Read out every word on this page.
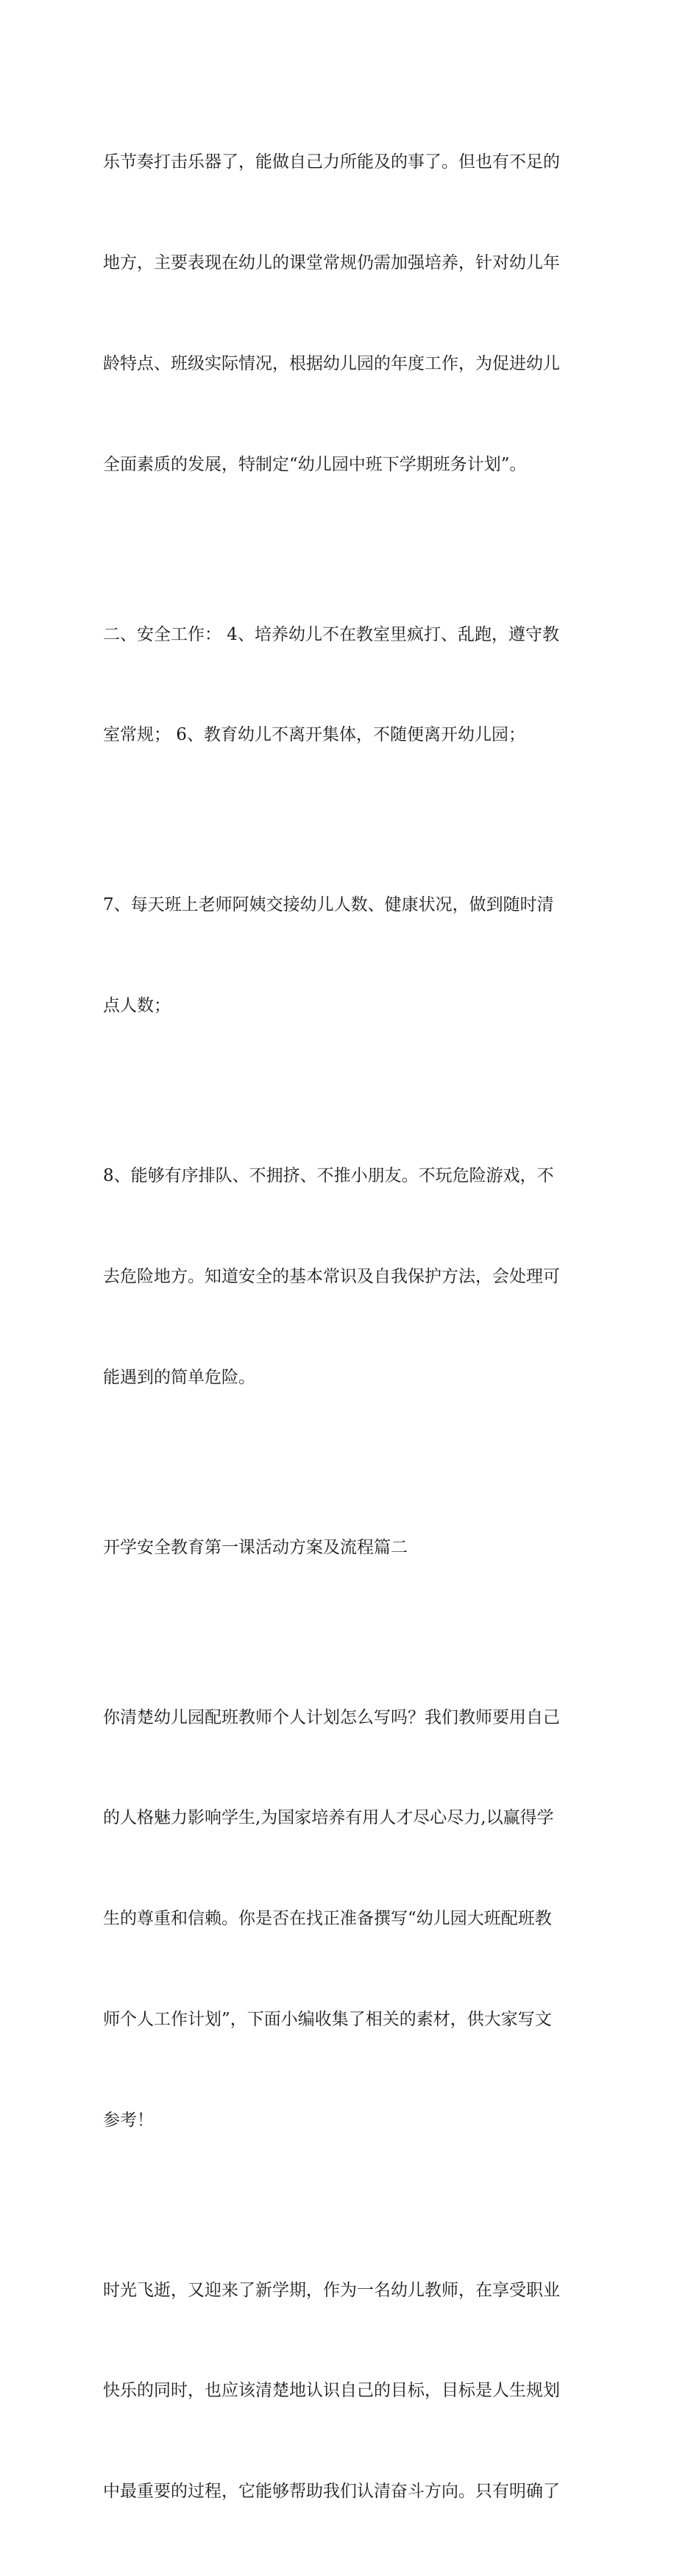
乐节奏打击乐器了，能做自己力所能及的事了。但也有不足的

地方，主要表现在幼儿的课堂常规仍需加强培养，针对幼儿年

龄特点、班级实际情况，根据幼儿园的年度工作，为促进幼儿

全面素质的发展，特制定“幼儿园中班下学期班务计划”。

二、安全工作： 4、培养幼儿不在教室里疯打、乱跑，遵守教

室常规； 6、教育幼儿不离开集体，不随便离开幼儿园；

7、每天班上老师阿姨交接幼儿人数、健康状况，做到随时清

点人数；

8、能够有序排队、不拥挤、不推小朋友。不玩危险游戏，不

去危险地方。知道安全的基本常识及自我保护方法，会处理可

能遇到的简单危险。

开学安全教育第一课活动方案及流程篇二

你清楚幼儿园配班教师个人计划怎么写吗？我们教师要用自己

的人格魅力影响学生,为国家培养有用人才尽心尽力,以赢得学

生的尊重和信赖。你是否在找正准备撰写“幼儿园大班配班教

师个人工作计划”，下面小编收集了相关的素材，供大家写文

参考！

时光飞逝，又迎来了新学期，作为一名幼儿教师，在享受职业

快乐的同时，也应该清楚地认识自己的目标，目标是人生规划

中最重要的过程，它能够帮助我们认清奋斗方向。只有明确了
